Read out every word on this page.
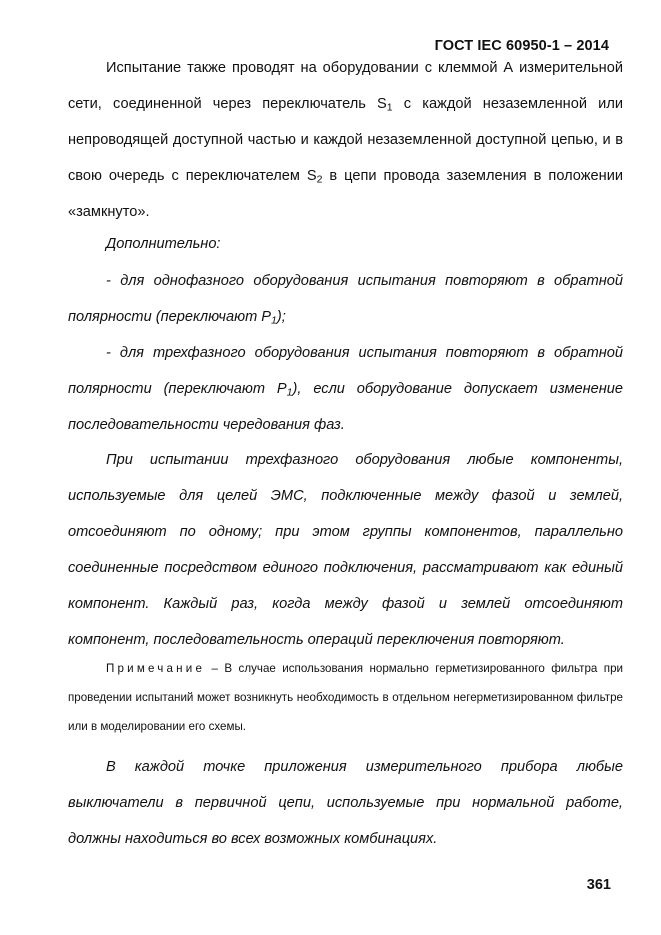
ГОСТ IEC 60950-1 – 2014

Испытание также проводят на оборудовании с клеммой А измерительной сети, соединенной через переключатель $S_1$ с каждой незаземленной или непроводящей доступной частью и каждой незаземленной доступной цепью, и в свою очередь с переключателем $S_2$ в цепи провода заземления в положении «замкнуто».

Дополнительно:

- для однофазного оборудования испытания повторяют в обратной полярности (переключают $P_1$);

- для трехфазного оборудования испытания повторяют в обратной полярности (переключают $P_1$), если оборудование допускает изменение последовательности чередования фаз.

При испытании трехфазного оборудования любые компоненты, используемые для целей ЭМС, подключенные между фазой и землей, отсоединяют по одному; при этом группы компонентов, параллельно соединенные посредством единого подключения, рассматривают как единый компонент. Каждый раз, когда между фазой и землей отсоединяют компонент, последовательность операций переключения повторяют.

Примечание – В случае использования нормально герметизированного фильтра при проведении испытаний может возникнуть необходимость в отдельном негерметизированном фильтре или в моделировании его схемы.

В каждой точке приложения измерительного прибора любые выключатели в первичной цепи, используемые при нормальной работе, должны находиться во всех возможных комбинациях.

361
